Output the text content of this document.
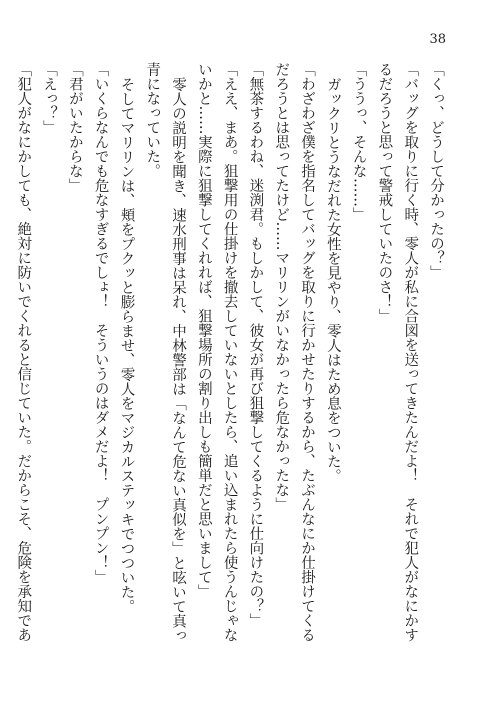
38
「くっ、どうして分かったの？」
「バッグを取りに行く時、零人が私に合図を送ってきたんだよ！　それで犯人がなにかす
るだろうと思って警戒していたのさ！」
「ううっ、そんな……」
ガックリとうなだれた女性を見やり、零人はため息をついた。
「わざわざ僕を指名してバッグを取りに行かせたりするから、たぶんなにか仕掛けてくる
だろうとは思ってたけど……マリリンがいなかったら危なかったな」
「無茶するわね、迷渕君。もしかして、彼女が再び狙撃してくるように仕向けたの？」
「ええ、まあ。狙撃用の仕掛けを撤去していないとしたら、追い込まれたら使うんじゃな
いかと……実際に狙撃してくれれば、狙撃場所の割り出しも簡単だと思いまして」
零人の説明を聞き、速水刑事は呆れ、中林警部は「なんて危ない真似を」と呟いて真っ
青になっていた。
そしてマリリンは、頬をプクッと膨らませ、零人をマジカルステッキでつついた。
「いくらなんでも危なすぎるでしょ！　そういうのはダメだよ！　プンプン！」
「君がいたからな」
「えっ？」
「犯人がなにかしても、絶対に防いでくれると信じていた。だからこそ、危険を承知であ
